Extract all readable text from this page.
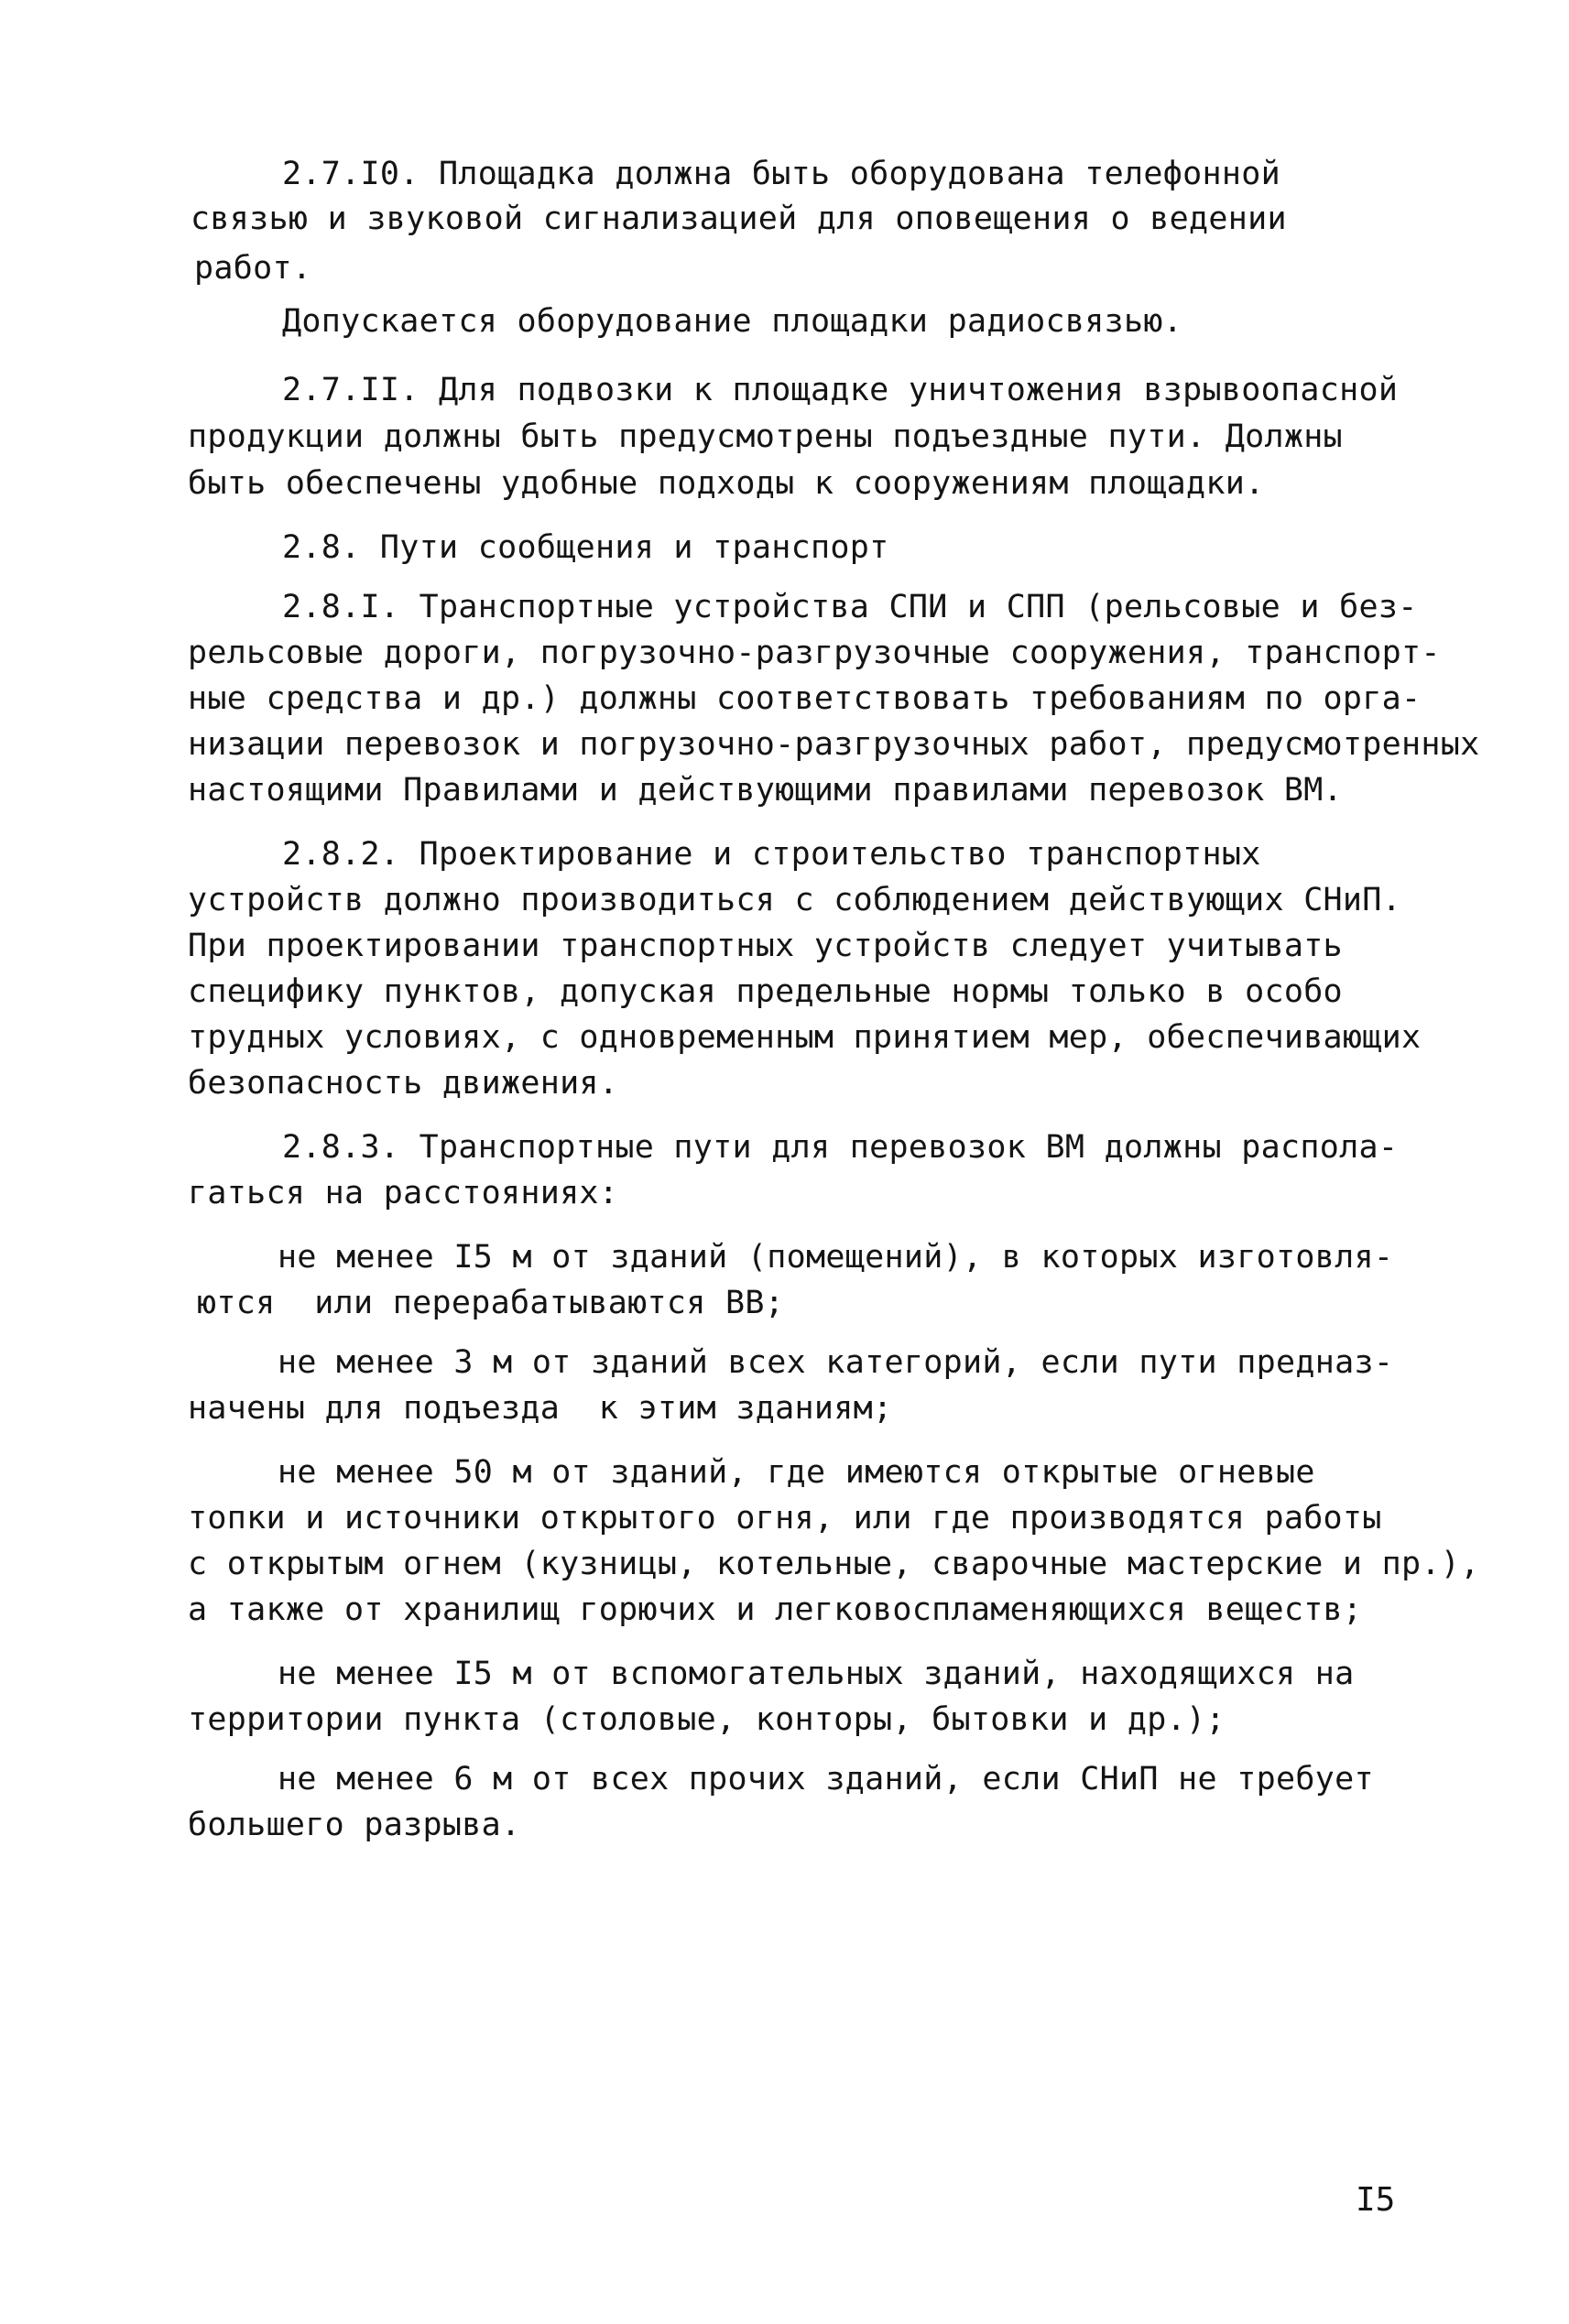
2.7.I0. Площадка должна быть оборудована телефонной
связью и звуковой сигнализацией для оповещения о ведении
работ.
Допускается оборудование площадки радиосвязью.
2.7.II. Для подвозки к площадке уничтожения взрывоопасной
продукции должны быть предусмотрены подъездные пути. Должны
быть обеспечены удобные подходы к сооружениям площадки.
2.8. Пути сообщения и транспорт
2.8.I. Транспортные устройства СПИ и СПП (рельсовые и без-
рельсовые дороги, погрузочно-разгрузочные сооружения, транспорт-
ные средства и др.) должны соответствовать требованиям по орга-
низации перевозок и погрузочно-разгрузочных работ, предусмотренных
настоящими Правилами и действующими правилами перевозок ВМ.
2.8.2. Проектирование и строительство транспортных
устройств должно производиться с соблюдением действующих СНиП.
При проектировании транспортных устройств следует учитывать
специфику пунктов, допуская предельные нормы только в особо
трудных условиях, с одновременным принятием мер, обеспечивающих
безопасность движения.
2.8.3. Транспортные пути для перевозок ВМ должны распола-
гаться на расстояниях:
не менее I5 м от зданий (помещений), в которых изготовля-
ются  или перерабатываются ВВ;
не менее 3 м от зданий всех категорий, если пути предназ-
начены для подъезда  к этим зданиям;
не менее 50 м от зданий, где имеются открытые огневые
топки и источники открытого огня, или где производятся работы
с открытым огнем (кузницы, котельные, сварочные мастерские и пр.),
а также от хранилищ горючих и легковоспламеняющихся веществ;
не менее I5 м от вспомогательных зданий, находящихся на
территории пункта (столовые, конторы, бытовки и др.);
не менее 6 м от всех прочих зданий, если СНиП не требует
большего разрыва.
I5
